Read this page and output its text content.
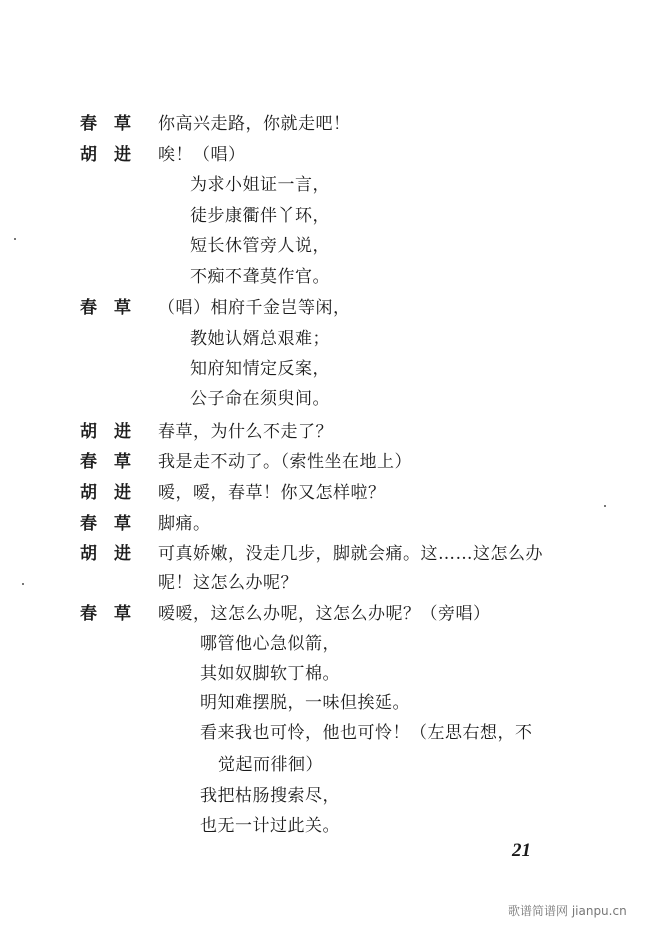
春草
胡进
春草
胡进
春草
胡进
春草
胡进
春草
你高兴走路，你就走吧！
唉！（唱）
为求小姐证一言，
徒步康衢伴丫环，
短长休管旁人说，
不痴不聋莫作官。
（唱）相府千金岂等闲，
教她认婿总艰难；
知府知情定反案，
公子命在须臾间。
春草，为什么不走了？
我是走不动了。（索性坐在地上）
嗳，嗳，春草！你又怎样啦？
脚痛。
可真娇嫩，没走几步，脚就会痛。这……这怎么办
呢！这怎么办呢？
嗳嗳，这怎么办呢，这怎么办呢？（旁唱）
哪管他心急似箭，
其如奴脚软丁棉。
明知难摆脱，一味但挨延。
看来我也可怜，他也可怜！（左思右想，不
觉起而徘徊）
我把枯肠搜索尽，
也无一计过此关。
21
歌谱简谱网 jianpu.cn
